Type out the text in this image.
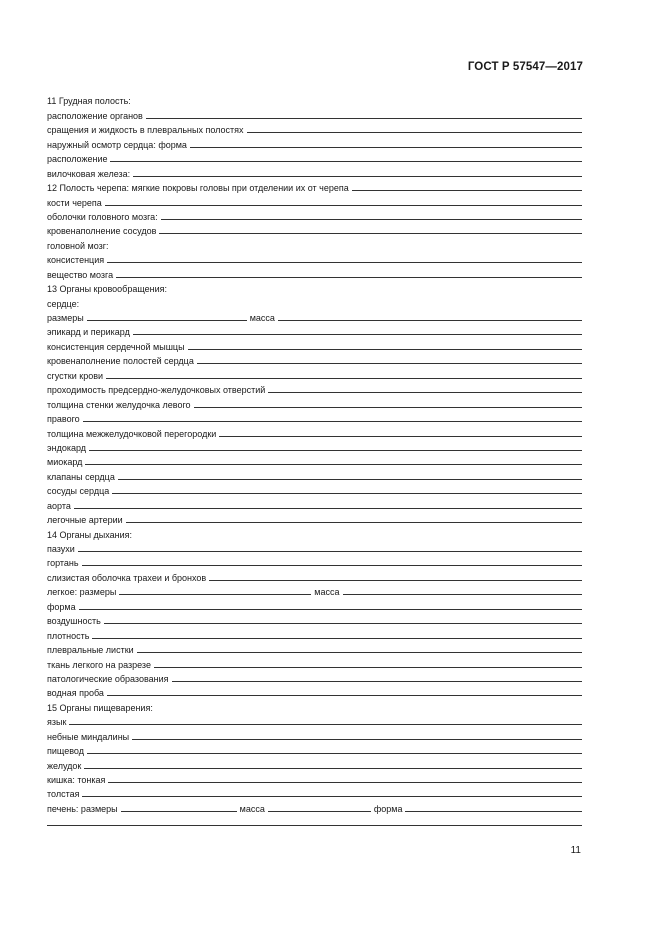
ГОСТ Р 57547—2017
11 Грудная полость:
расположение органов
сращения и жидкость в плевральных полостях
наружный осмотр сердца: форма
расположение
вилочковая железа:
12 Полость черепа: мягкие покровы головы при отделении их от черепа
кости черепа
оболочки головного мозга:
кровенаполнение сосудов
головной мозг:
консистенция
вещество мозга
13 Органы кровообращения:
сердце:
размеры	масса
эпикард и перикард
консистенция сердечной мышцы
кровенаполнение полостей сердца
сгустки крови
проходимость предсердно-желудочковых отверстий
толщина стенки желудочка левого
правого
толщина межжелудочковой перегородки
эндокард
миокард
клапаны сердца
сосуды сердца
аорта
легочные артерии
14 Органы дыхания:
пазухи
гортань
слизистая оболочка трахеи и бронхов
легкое: размеры	масса
форма
воздушность
плотность
плевральные листки
ткань легкого на разрезе
патологические образования
водная проба
15 Органы пищеварения:
язык
небные миндалины
пищевод
желудок
кишка: тонкая
толстая
печень: размеры	масса	форма
11
